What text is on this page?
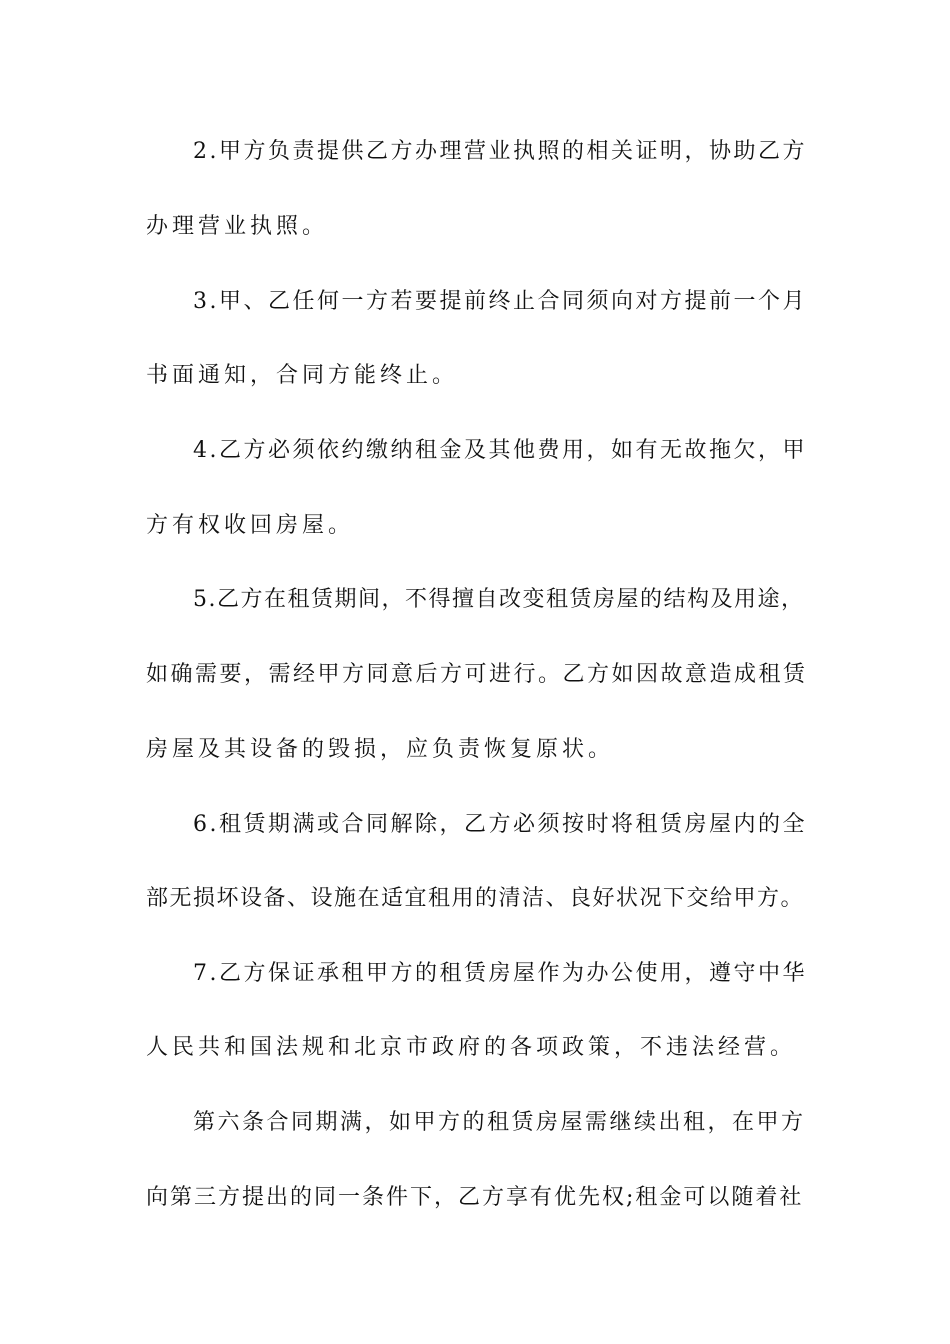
2.甲方负责提供乙方办理营业执照的相关证明，协助乙方
办理营业执照。
3.甲、乙任何一方若要提前终止合同须向对方提前一个月
书面通知，合同方能终止。
4.乙方必须依约缴纳租金及其他费用，如有无故拖欠，甲
方有权收回房屋。
5.乙方在租赁期间，不得擅自改变租赁房屋的结构及用途，
如确需要，需经甲方同意后方可进行。乙方如因故意造成租赁
房屋及其设备的毁损，应负责恢复原状。
6.租赁期满或合同解除，乙方必须按时将租赁房屋内的全
部无损坏设备、设施在适宜租用的清洁、良好状况下交给甲方。
7.乙方保证承租甲方的租赁房屋作为办公使用，遵守中华
人民共和国法规和北京市政府的各项政策，不违法经营。
第六条合同期满，如甲方的租赁房屋需继续出租，在甲方
向第三方提出的同一条件下，乙方享有优先权;租金可以随着社
